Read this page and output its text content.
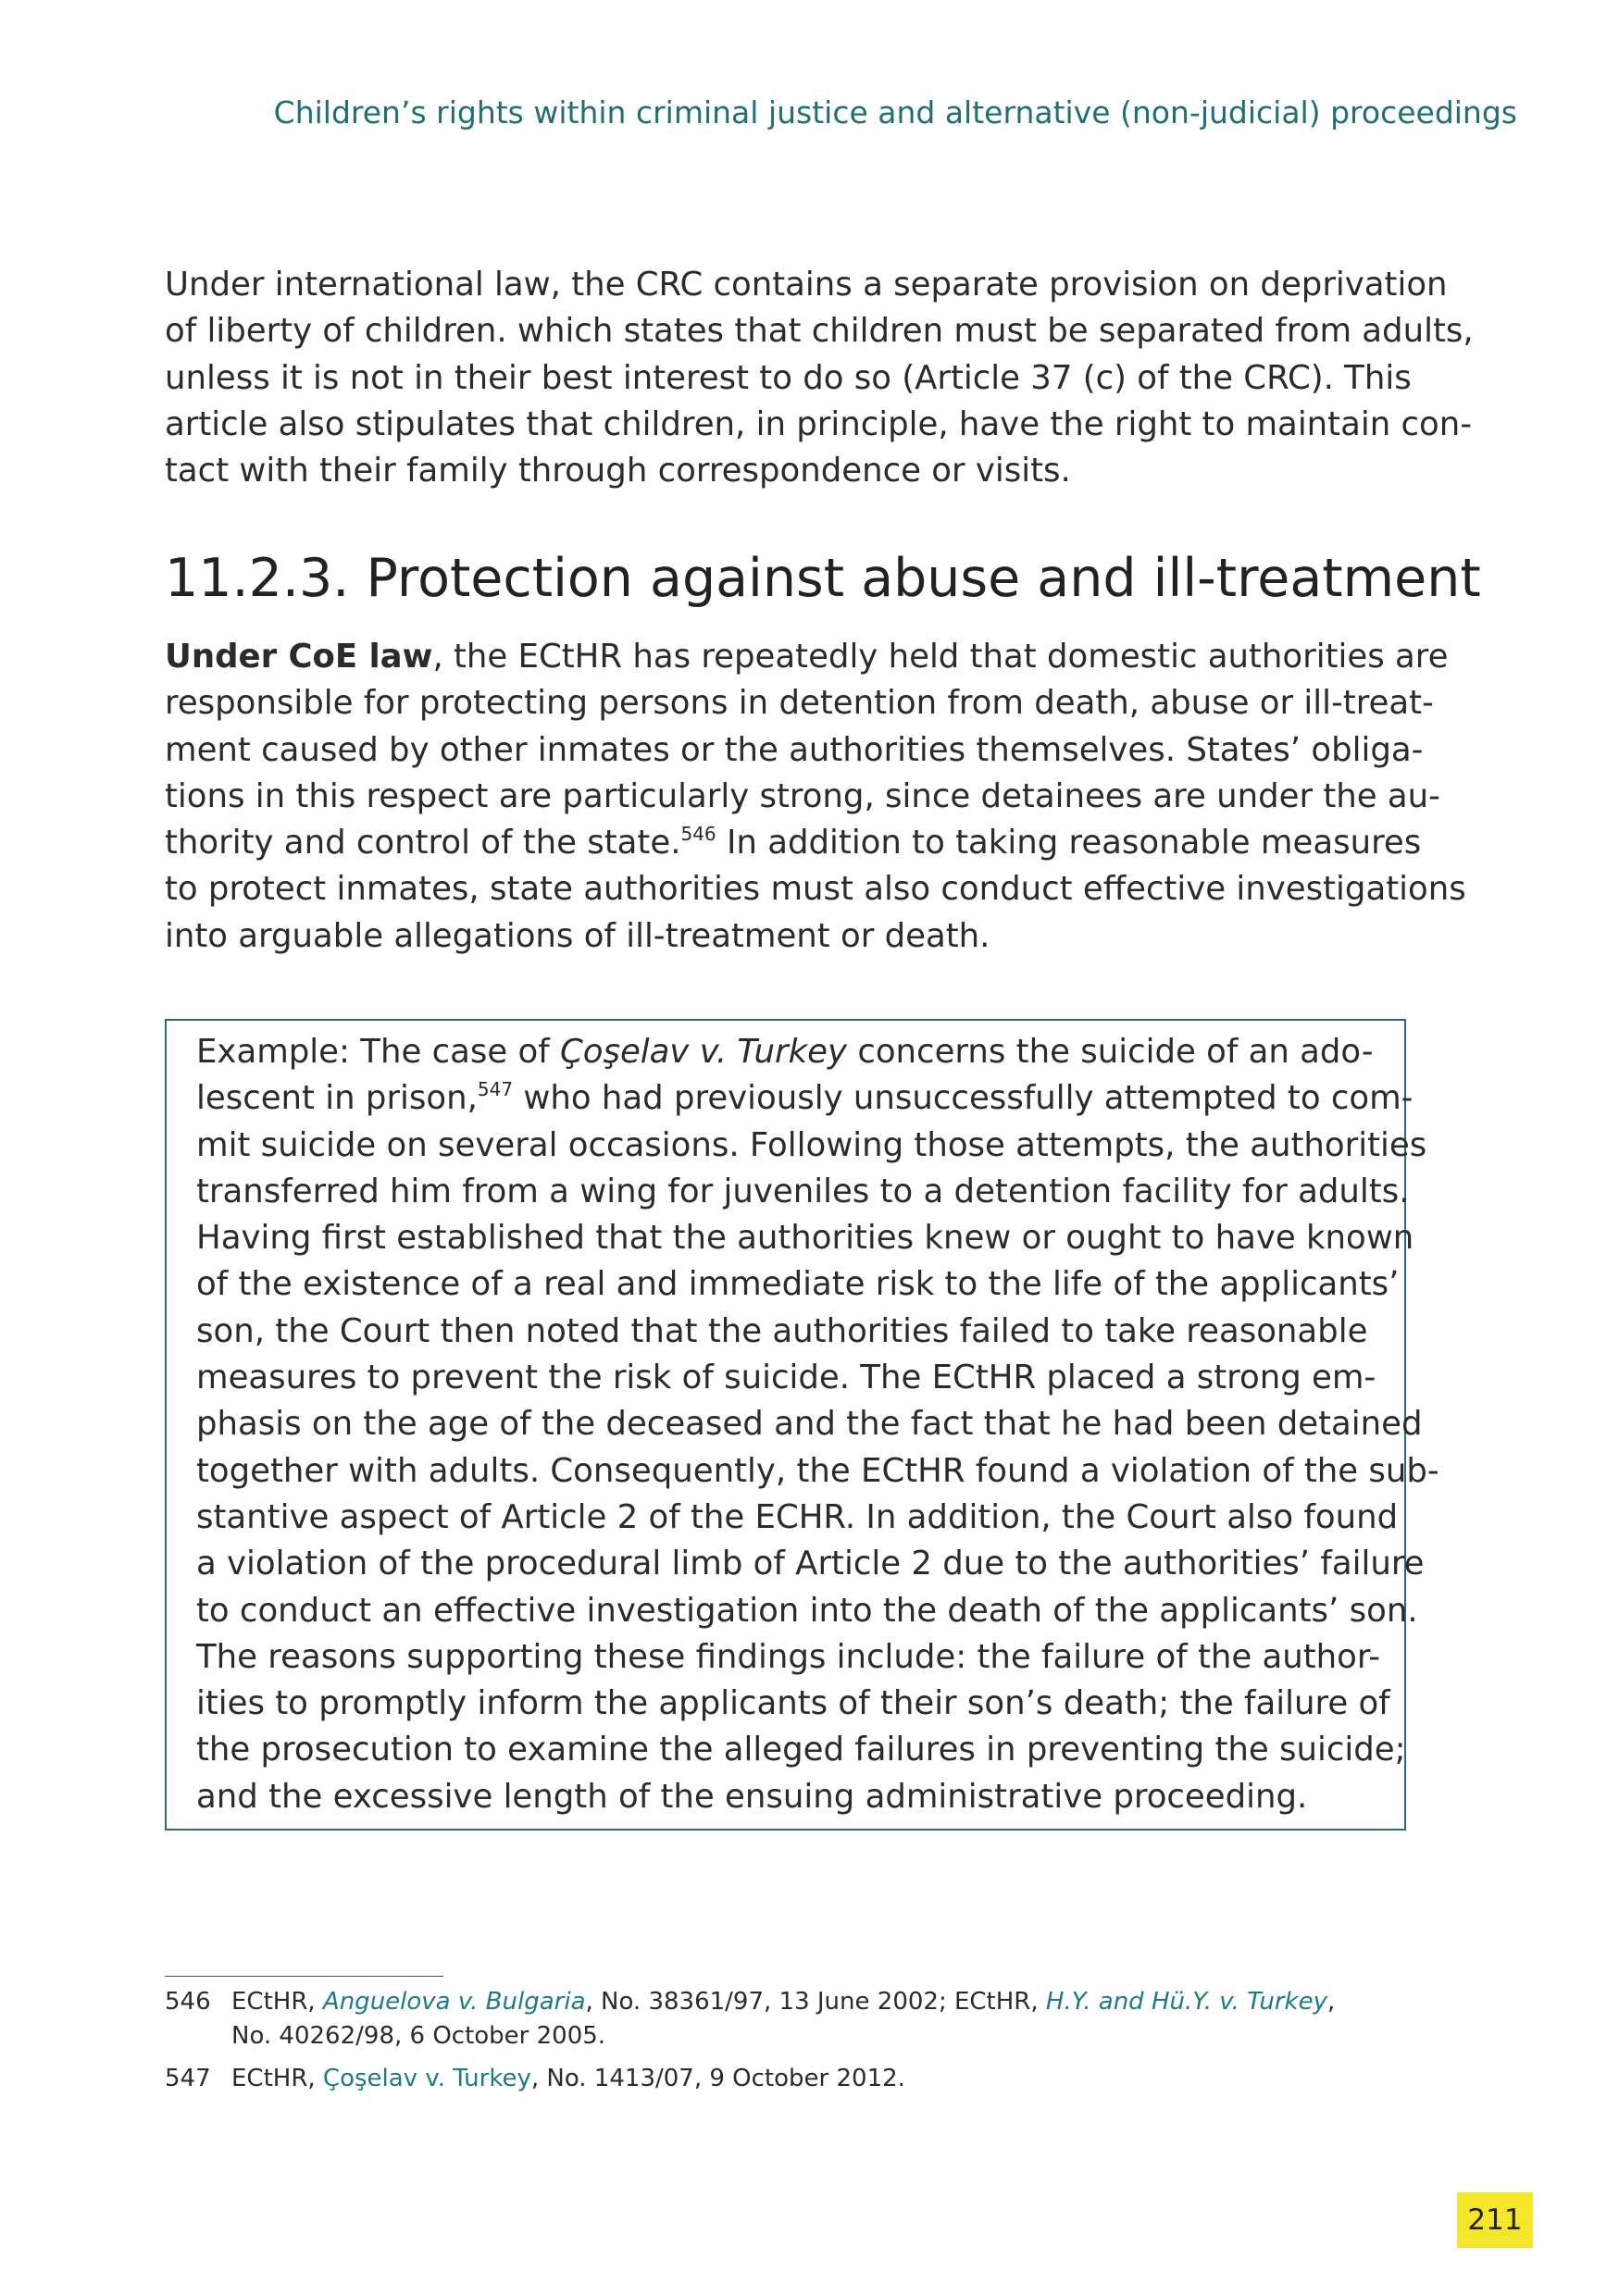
Children’s rights within criminal justice and alternative (non-judicial) proceedings
Under international law, the CRC contains a separate provision on deprivation
of liberty of children. which states that children must be separated from adults,
unless it is not in their best interest to do so (Article 37 (c) of the CRC). This
article also stipulates that children, in principle, have the right to maintain con-
tact with their family through correspondence or visits.
11.2.3. Protection against abuse and ill-treatment
Under CoE law, the ECtHR has repeatedly held that domestic authorities are
responsible for protecting persons in detention from death, abuse or ill-treat-
ment caused by other inmates or the authorities themselves. States’ obliga-
tions in this respect are particularly strong, since detainees are under the au-
thority and control of the state.$^{546}$ In addition to taking reasonable measures
to protect inmates, state authorities must also conduct effective investigations
into arguable allegations of ill-treatment or death.
Example: The case of Çoşelav v. Turkey concerns the suicide of an ado-
lescent in prison,$^{547}$ who had previously unsuccessfully attempted to com-
mit suicide on several occasions. Following those attempts, the authorities
transferred him from a wing for juveniles to a detention facility for adults.
Having first established that the authorities knew or ought to have known
of the existence of a real and immediate risk to the life of the applicants’
son, the Court then noted that the authorities failed to take reasonable
measures to prevent the risk of suicide. The ECtHR placed a strong em-
phasis on the age of the deceased and the fact that he had been detained
together with adults. Consequently, the ECtHR found a violation of the sub-
stantive aspect of Article 2 of the ECHR. In addition, the Court also found
a violation of the procedural limb of Article 2 due to the authorities’ failure
to conduct an effective investigation into the death of the applicants’ son.
The reasons supporting these findings include: the failure of the author-
ities to promptly inform the applicants of their son’s death; the failure of
the prosecution to examine the alleged failures in preventing the suicide;
and the excessive length of the ensuing administrative proceeding.
546 ECtHR, Anguelova v. Bulgaria, No. 38361/97, 13 June 2002; ECtHR, H.Y. and Hü.Y. v. Turkey,
No. 40262/98, 6 October 2005.
547 ECtHR, Çoşelav v. Turkey, No. 1413/07, 9 October 2012.
211
